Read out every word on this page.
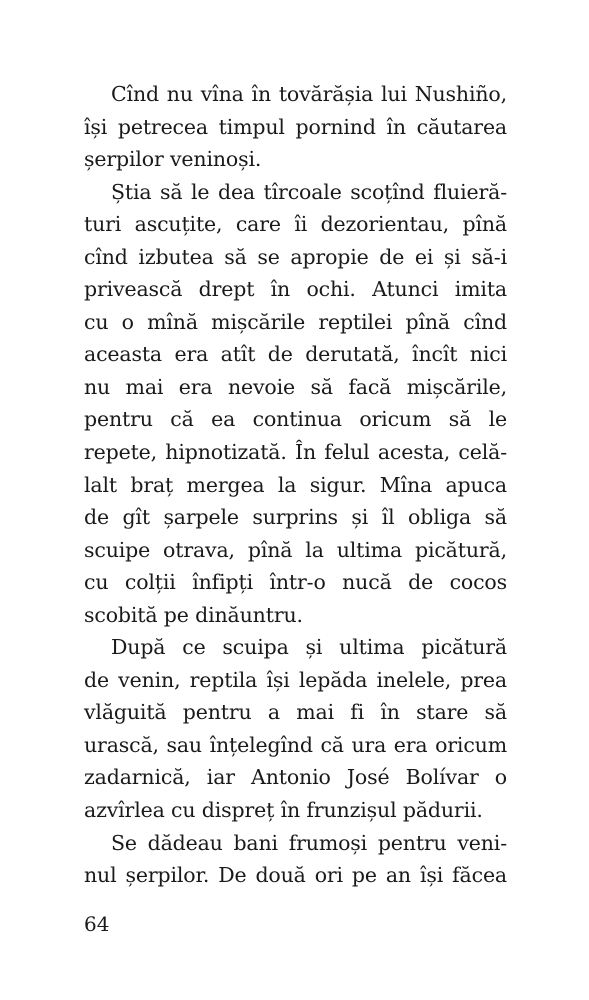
Cînd nu vîna în tovărășia lui Nushiño,
își petrecea timpul pornind în căutarea
șerpilor veninoși.
Știa să le dea tîrcoale scoțînd fluieră-
turi ascuțite, care îi dezorientau, pînă
cînd izbutea să se apropie de ei și să-i
privească drept în ochi. Atunci imita
cu o mînă mișcările reptilei pînă cînd
aceasta era atît de derutată, încît nici
nu mai era nevoie să facă mișcările,
pentru că ea continua oricum să le
repete, hipnotizată. În felul acesta, celă-
lalt braț mergea la sigur. Mîna apuca
de gît șarpele surprins și îl obliga să
scuipe otrava, pînă la ultima picătură,
cu colții înfipți într-o nucă de cocos
scobită pe dinăuntru.
După ce scuipa și ultima picătură
de venin, reptila își lepăda inelele, prea
vlăguită pentru a mai fi în stare să
urască, sau înțelegînd că ura era oricum
zadarnică, iar Antonio José Bolívar o
azvîrlea cu dispreț în frunzișul pădurii.
Se dădeau bani frumoși pentru veni-
nul șerpilor. De două ori pe an își făcea
64
